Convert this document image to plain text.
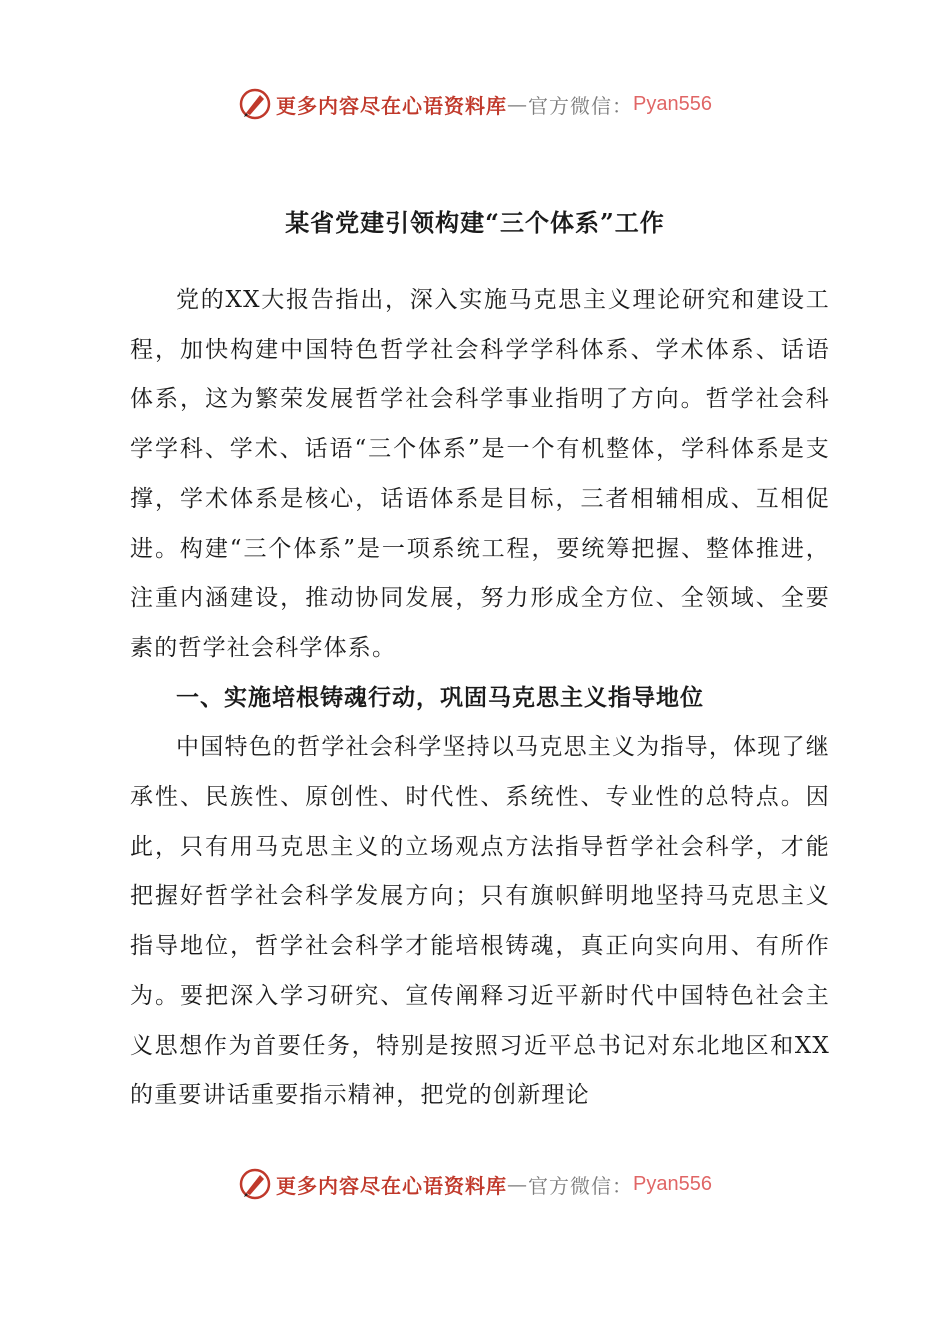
更多内容尽在心语资料库 — 官方微信： Pyan556
某省党建引领构建“三个体系”工作

党的XX大报告指出，深入实施马克思主义理论研究和建设工程，加快构建中国特色哲学社会科学学科体系、学术体系、话语体系，这为繁荣发展哲学社会科学事业指明了方向。哲学社会科学学科、学术、话语“三个体系”是一个有机整体，学科体系是支撑，学术体系是核心，话语体系是目标，三者相辅相成、互相促进。构建“三个体系”是一项系统工程，要统筹把握、整体推进，注重内涵建设，推动协同发展，努力形成全方位、全领域、全要素的哲学社会科学体系。

一、实施培根铸魂行动，巩固马克思主义指导地位

中国特色的哲学社会科学坚持以马克思主义为指导，体现了继承性、民族性、原创性、时代性、系统性、专业性的总特点。因此，只有用马克思主义的立场观点方法指导哲学社会科学，才能把握好哲学社会科学发展方向；只有旗帜鲜明地坚持马克思主义指导地位，哲学社会科学才能培根铸魂，真正向实向用、有所作为。要把深入学习研究、宣传阐释习近平新时代中国特色社会主义思想作为首要任务，特别是按照习近平总书记对东北地区和XX的重要讲话重要指示精神，把党的创新理论

更多内容尽在心语资料库 — 官方微信： Pyan556
